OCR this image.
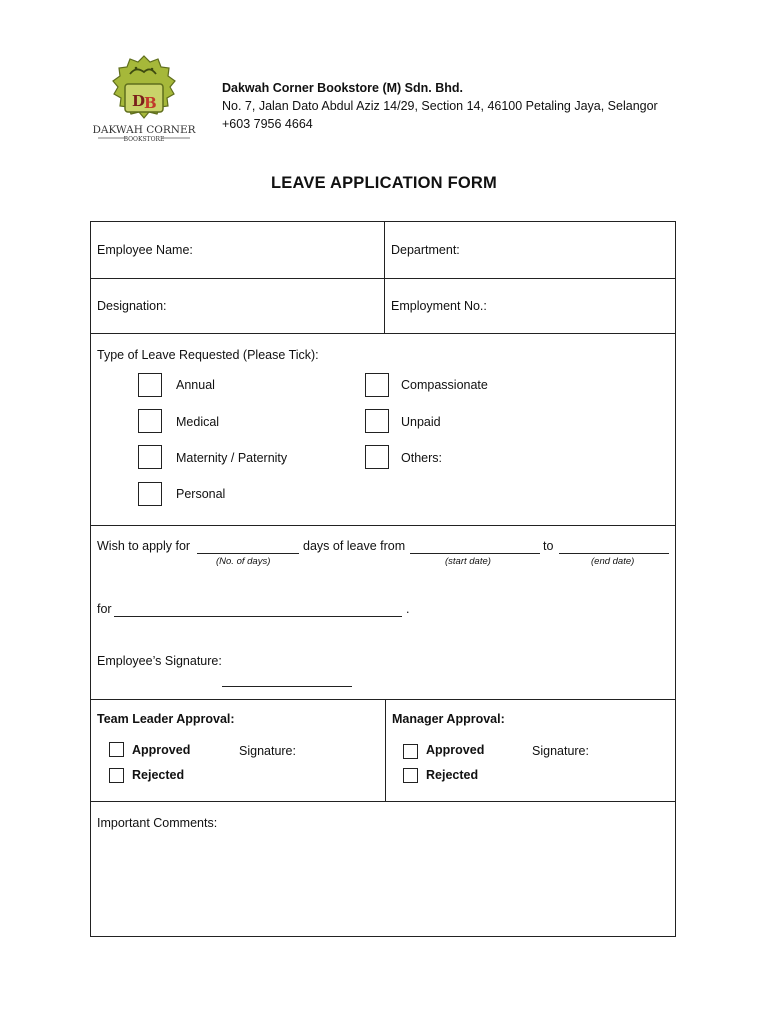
D
B
DAKWAH CORNER
BOOKSTORE
Dakwah Corner Bookstore (M) Sdn. Bhd.
No. 7, Jalan Dato Abdul Aziz 14/29, Section 14, 46100 Petaling Jaya, Selangor
+603 7956 4664
LEAVE APPLICATION FORM
Employee Name:	Department:
Designation:	Employment No.:
Type of Leave Requested (Please Tick):
Annual
Medical
Maternity / Paternity
Personal
Compassionate
Unpaid
Others:
Wish to apply for	days of leave from	to
(No. of days)	(start date)	(end date)
for	.
Employee’s Signature:
Team Leader Approval:
Approved	Signature:
Rejected
Manager Approval:
Approved	Signature:
Rejected
Important Comments:
